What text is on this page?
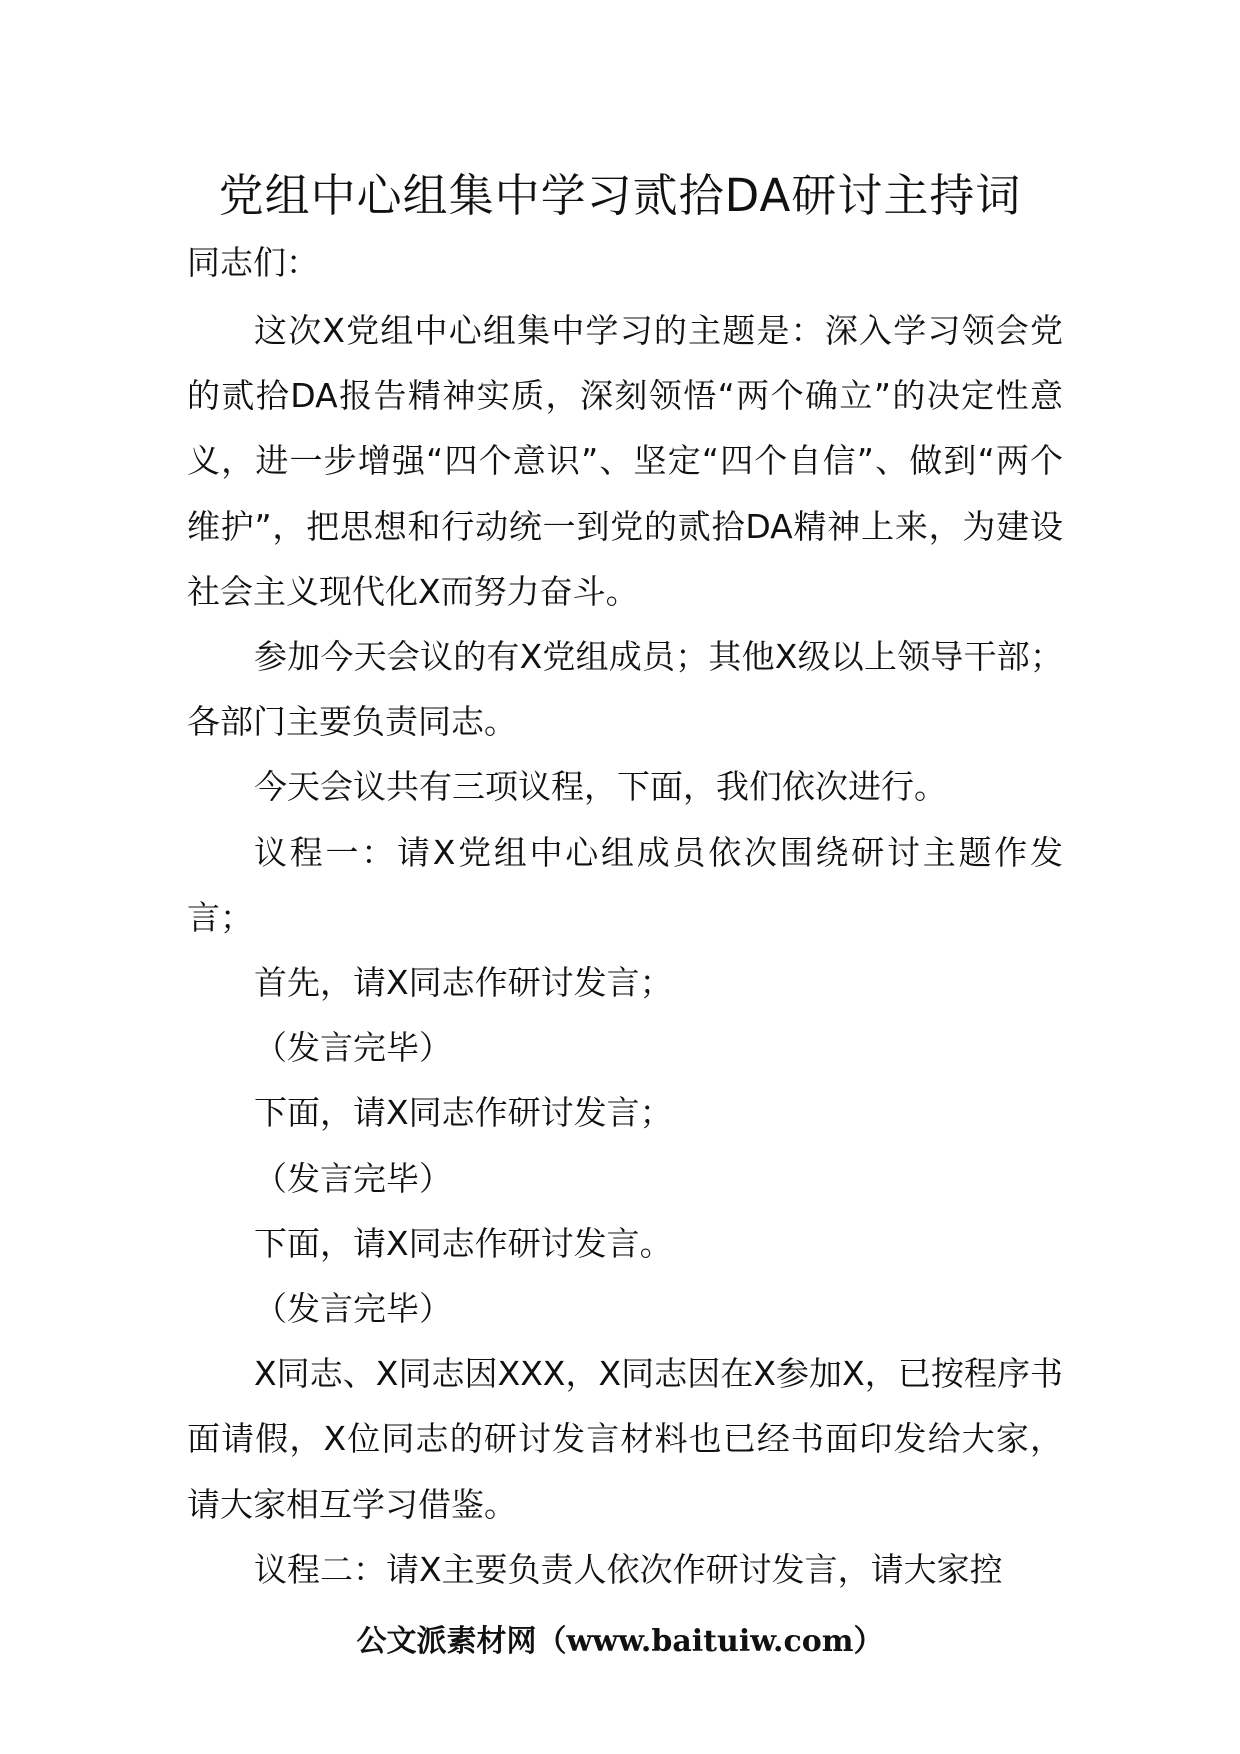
党组中心组集中学习贰拾DA研讨主持词
同志们：

这次X党组中心组集中学习的主题是：深入学习领会党的贰拾DA报告精神实质，深刻领悟“两个确立”的决定性意义，进一步增强“四个意识”、坚定“四个自信”、做到“两个维护”，把思想和行动统一到党的贰拾DA精神上来，为建设社会主义现代化X而努力奋斗。

参加今天会议的有X党组成员；其他X级以上领导干部；各部门主要负责同志。

今天会议共有三项议程，下面，我们依次进行。

议程一：请X党组中心组成员依次围绕研讨主题作发言；

首先，请X同志作研讨发言；

（发言完毕）

下面，请X同志作研讨发言；

（发言完毕）

下面，请X同志作研讨发言。

（发言完毕）

X同志、X同志因XXX，X同志因在X参加X，已按程序书面请假，X位同志的研讨发言材料也已经书面印发给大家，请大家相互学习借鉴。

议程二：请X主要负责人依次作研讨发言，请大家控

公文派素材网（www.baituiw.com）
